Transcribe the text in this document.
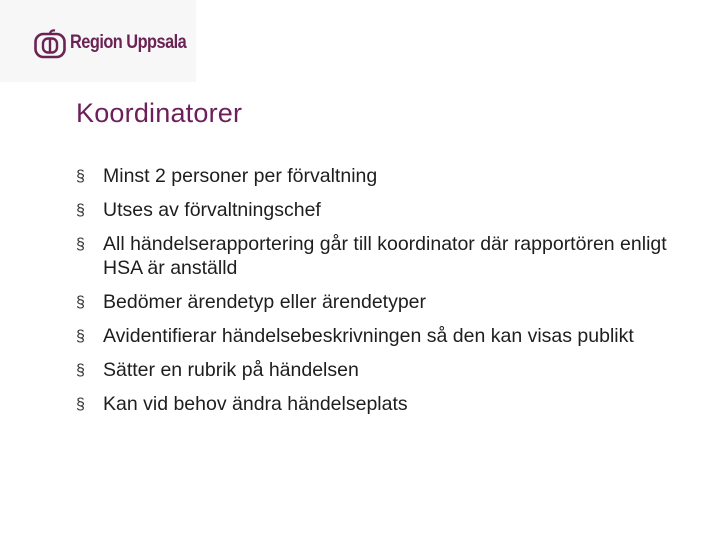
Region Uppsala
Koordinatorer
§ Minst 2 personer per förvaltning
§ Utses av förvaltningschef
§ All händelserapportering går till koordinator där rapportören enligt HSA är anställd
§ Bedömer ärendetyp eller ärendetyper
§ Avidentifierar händelsebeskrivningen så den kan visas publikt
§ Sätter en rubrik på händelsen
§ Kan vid behov ändra händelseplats
